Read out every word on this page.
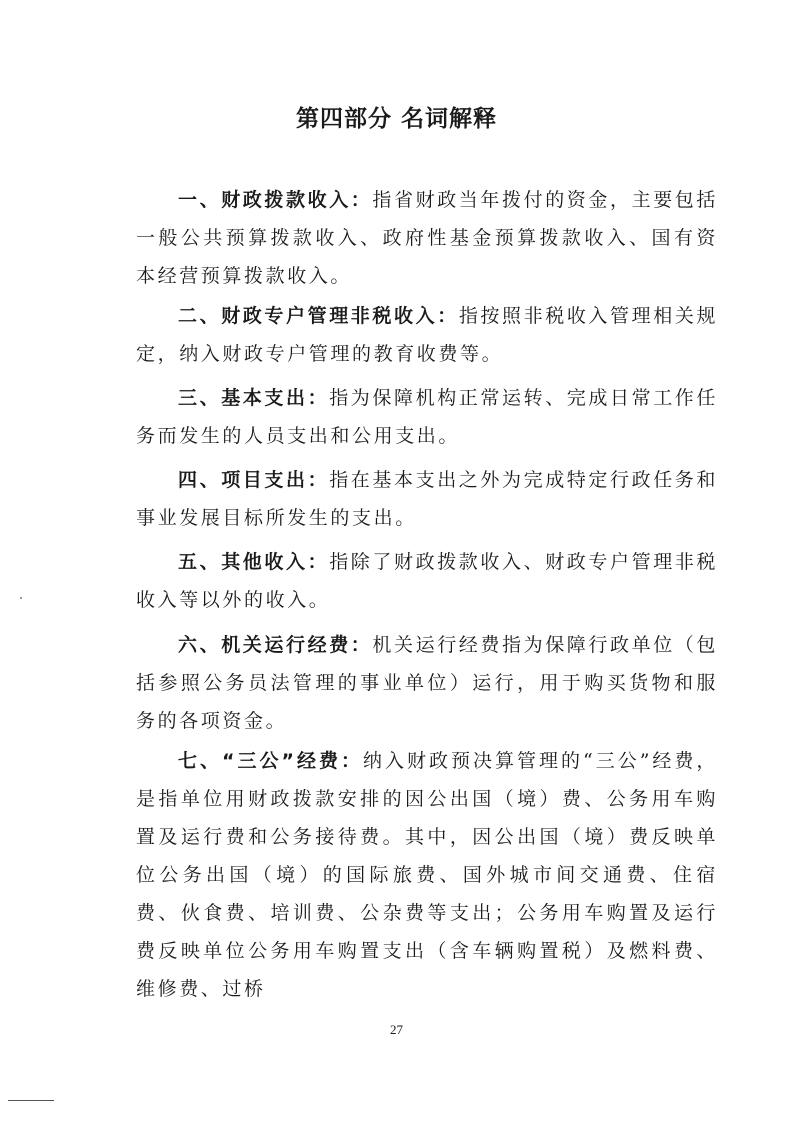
第四部分 名词解释

一、财政拨款收入：指省财政当年拨付的资金，主要包括一般公共预算拨款收入、政府性基金预算拨款收入、国有资本经营预算拨款收入。

二、财政专户管理非税收入：指按照非税收入管理相关规定，纳入财政专户管理的教育收费等。

三、基本支出：指为保障机构正常运转、完成日常工作任务而发生的人员支出和公用支出。

四、项目支出：指在基本支出之外为完成特定行政任务和事业发展目标所发生的支出。

五、其他收入：指除了财政拨款收入、财政专户管理非税收入等以外的收入。

六、机关运行经费：机关运行经费指为保障行政单位（包括参照公务员法管理的事业单位）运行，用于购买货物和服务的各项资金。

七、“三公”经费：纳入财政预决算管理的“三公”经费，是指单位用财政拨款安排的因公出国（境）费、公务用车购置及运行费和公务接待费。其中，因公出国（境）费反映单位公务出国（境）的国际旅费、国外城市间交通费、住宿费、伙食费、培训费、公杂费等支出；公务用车购置及运行费反映单位公务用车购置支出（含车辆购置税）及燃料费、维修费、过桥

27
